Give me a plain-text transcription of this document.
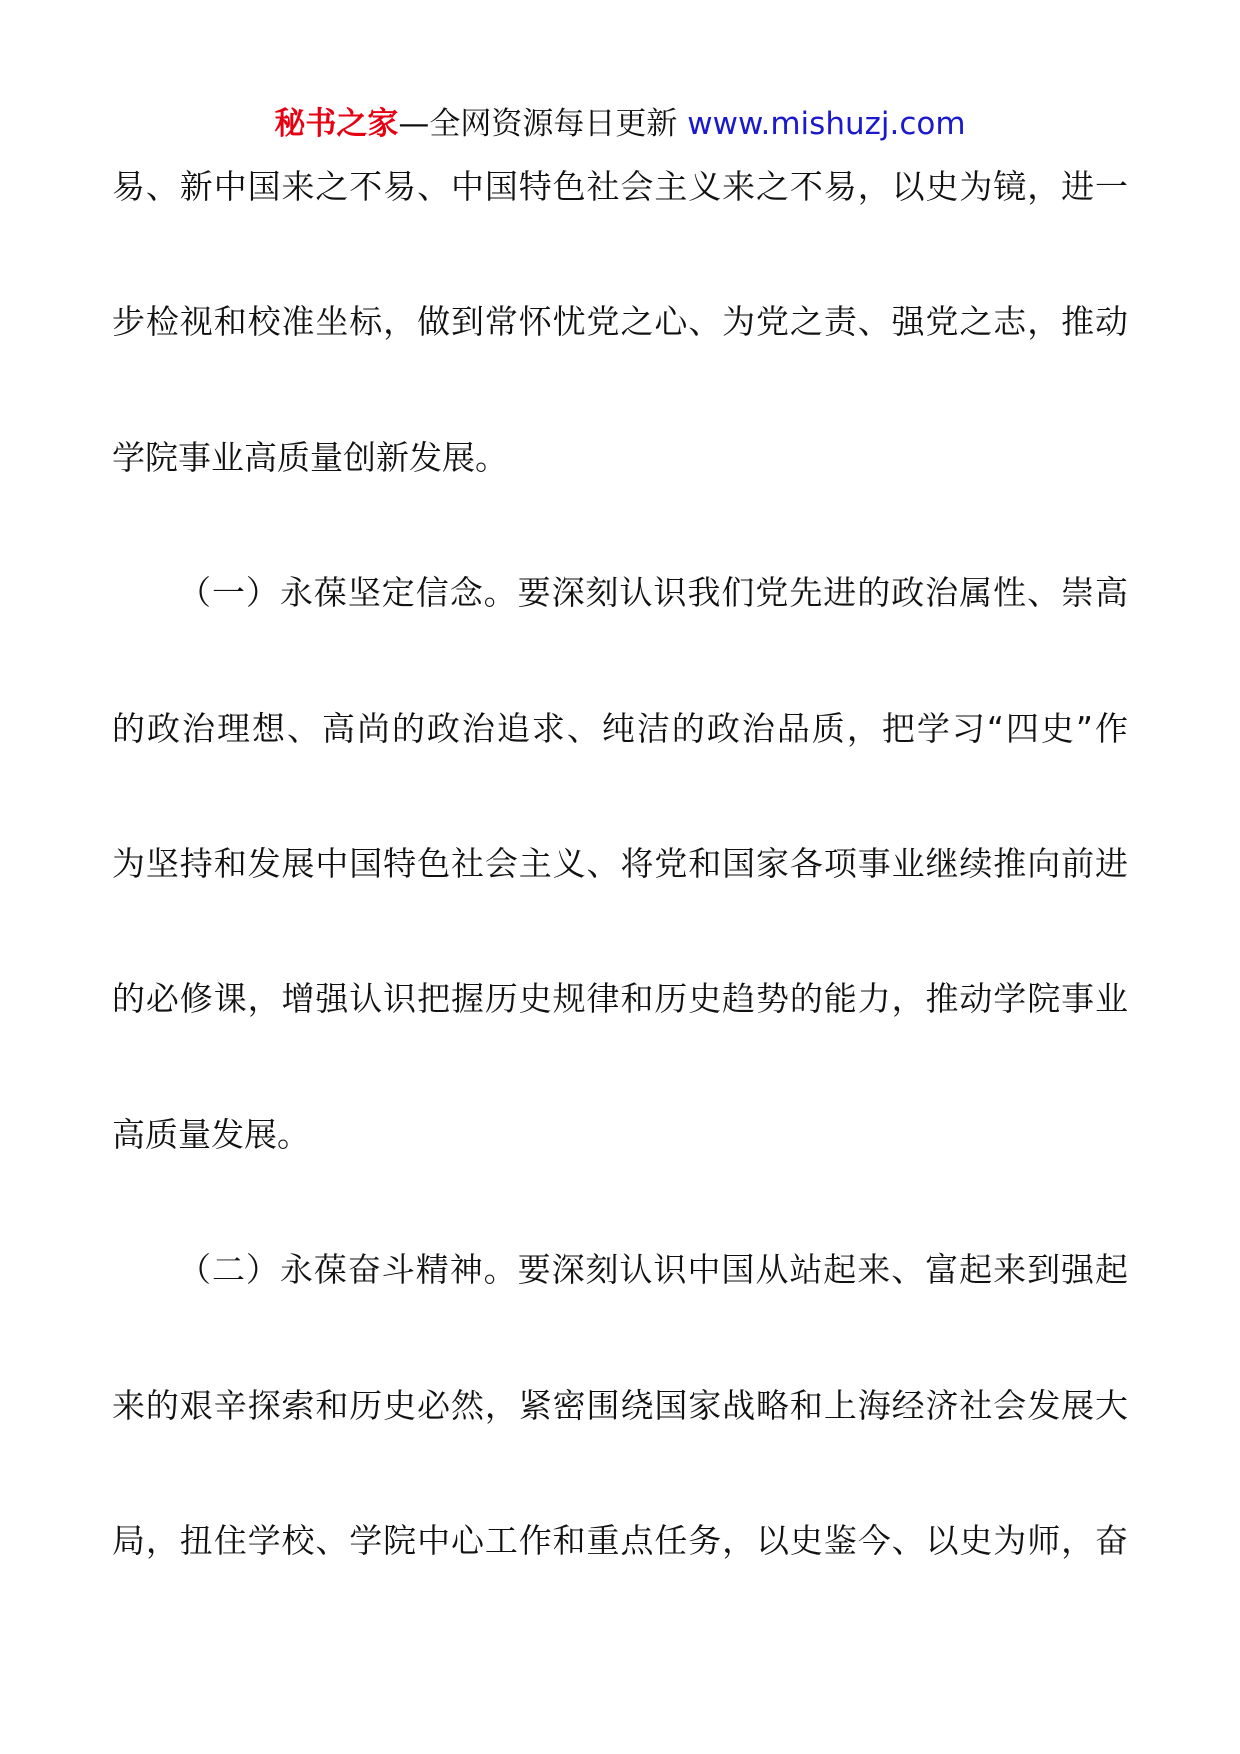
秘书之家—全网资源每日更新 www.mishuzj.com
易、新中国来之不易、中国特色社会主义来之不易，以史为镜，进一
步检视和校准坐标，做到常怀忧党之心、为党之责、强党之志，推动
学院事业高质量创新发展。
（一）永葆坚定信念。要深刻认识我们党先进的政治属性、崇高
的政治理想、高尚的政治追求、纯洁的政治品质，把学习“四史”作
为坚持和发展中国特色社会主义、将党和国家各项事业继续推向前进
的必修课，增强认识把握历史规律和历史趋势的能力，推动学院事业
高质量发展。
（二）永葆奋斗精神。要深刻认识中国从站起来、富起来到强起
来的艰辛探索和历史必然，紧密围绕国家战略和上海经济社会发展大
局，扭住学校、学院中心工作和重点任务，以史鉴今、以史为师，奋
